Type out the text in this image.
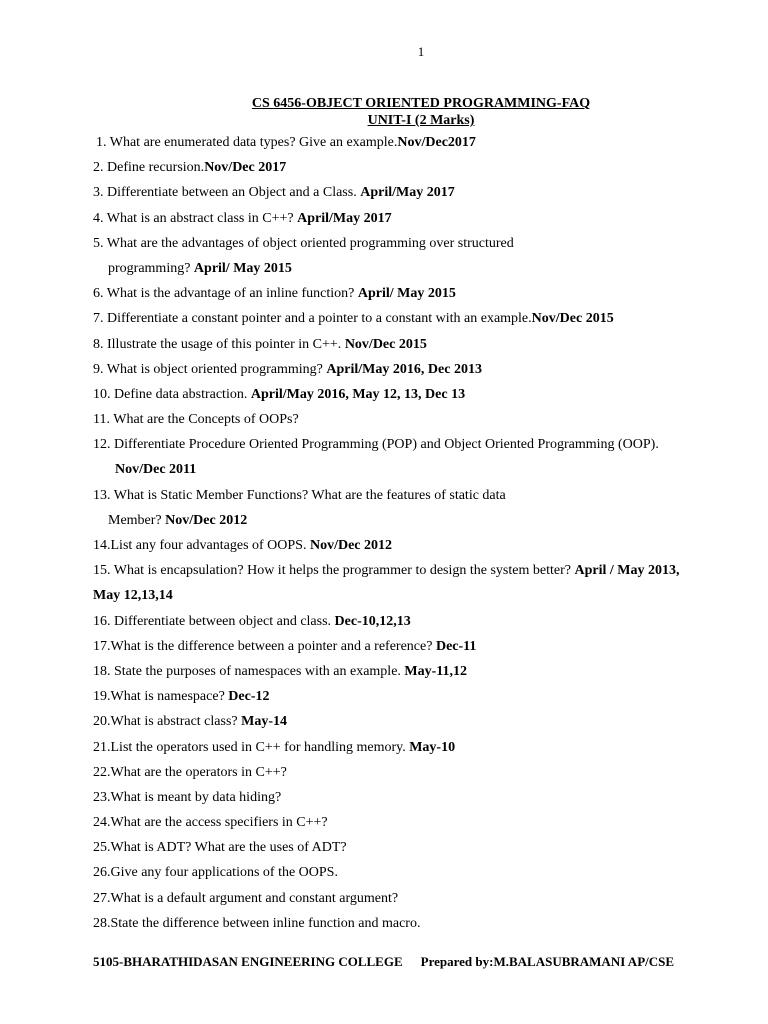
1
CS 6456-OBJECT ORIENTED PROGRAMMING-FAQ
UNIT-I (2 Marks)

1. What are enumerated data types? Give an example.Nov/Dec2017

2. Define recursion.Nov/Dec 2017

3. Differentiate between an Object and a Class. April/May 2017

4. What is an abstract class in C++? April/May 2017

5. What are the advantages of object oriented programming over structured

programming? April/ May 2015

6. What is the advantage of an inline function? April/ May 2015

7. Differentiate a constant pointer and a pointer to a constant with an example.Nov/Dec 2015

8. Illustrate the usage of this pointer in C++. Nov/Dec 2015

9. What is object oriented programming? April/May 2016, Dec 2013

10. Define data abstraction. April/May 2016, May 12, 13, Dec 13

11. What are the Concepts of OOPs?

12. Differentiate Procedure Oriented Programming (POP) and Object Oriented Programming (OOP).

Nov/Dec 2011

13. What is Static Member Functions? What are the features of static data

Member? Nov/Dec 2012

14.List any four advantages of OOPS. Nov/Dec 2012

15. What is encapsulation? How it helps the programmer to design the system better? April / May 2013,

May 12,13,14

16. Differentiate between object and class. Dec-10,12,13

17.What is the difference between a pointer and a reference? Dec-11

18. State the purposes of namespaces with an example. May-11,12

19.What is namespace? Dec-12

20.What is abstract class? May-14

21.List the operators used in C++ for handling memory. May-10

22.What are the operators in C++?

23.What is meant by data hiding?

24.What are the access specifiers in C++?

25.What is ADT? What are the uses of ADT?

26.Give any four applications of the OOPS.

27.What is a default argument and constant argument?

28.State the difference between inline function and macro.

5105-BHARATHIDASAN ENGINEERING COLLEGE Prepared by:M.BALASUBRAMANI AP/CSE
